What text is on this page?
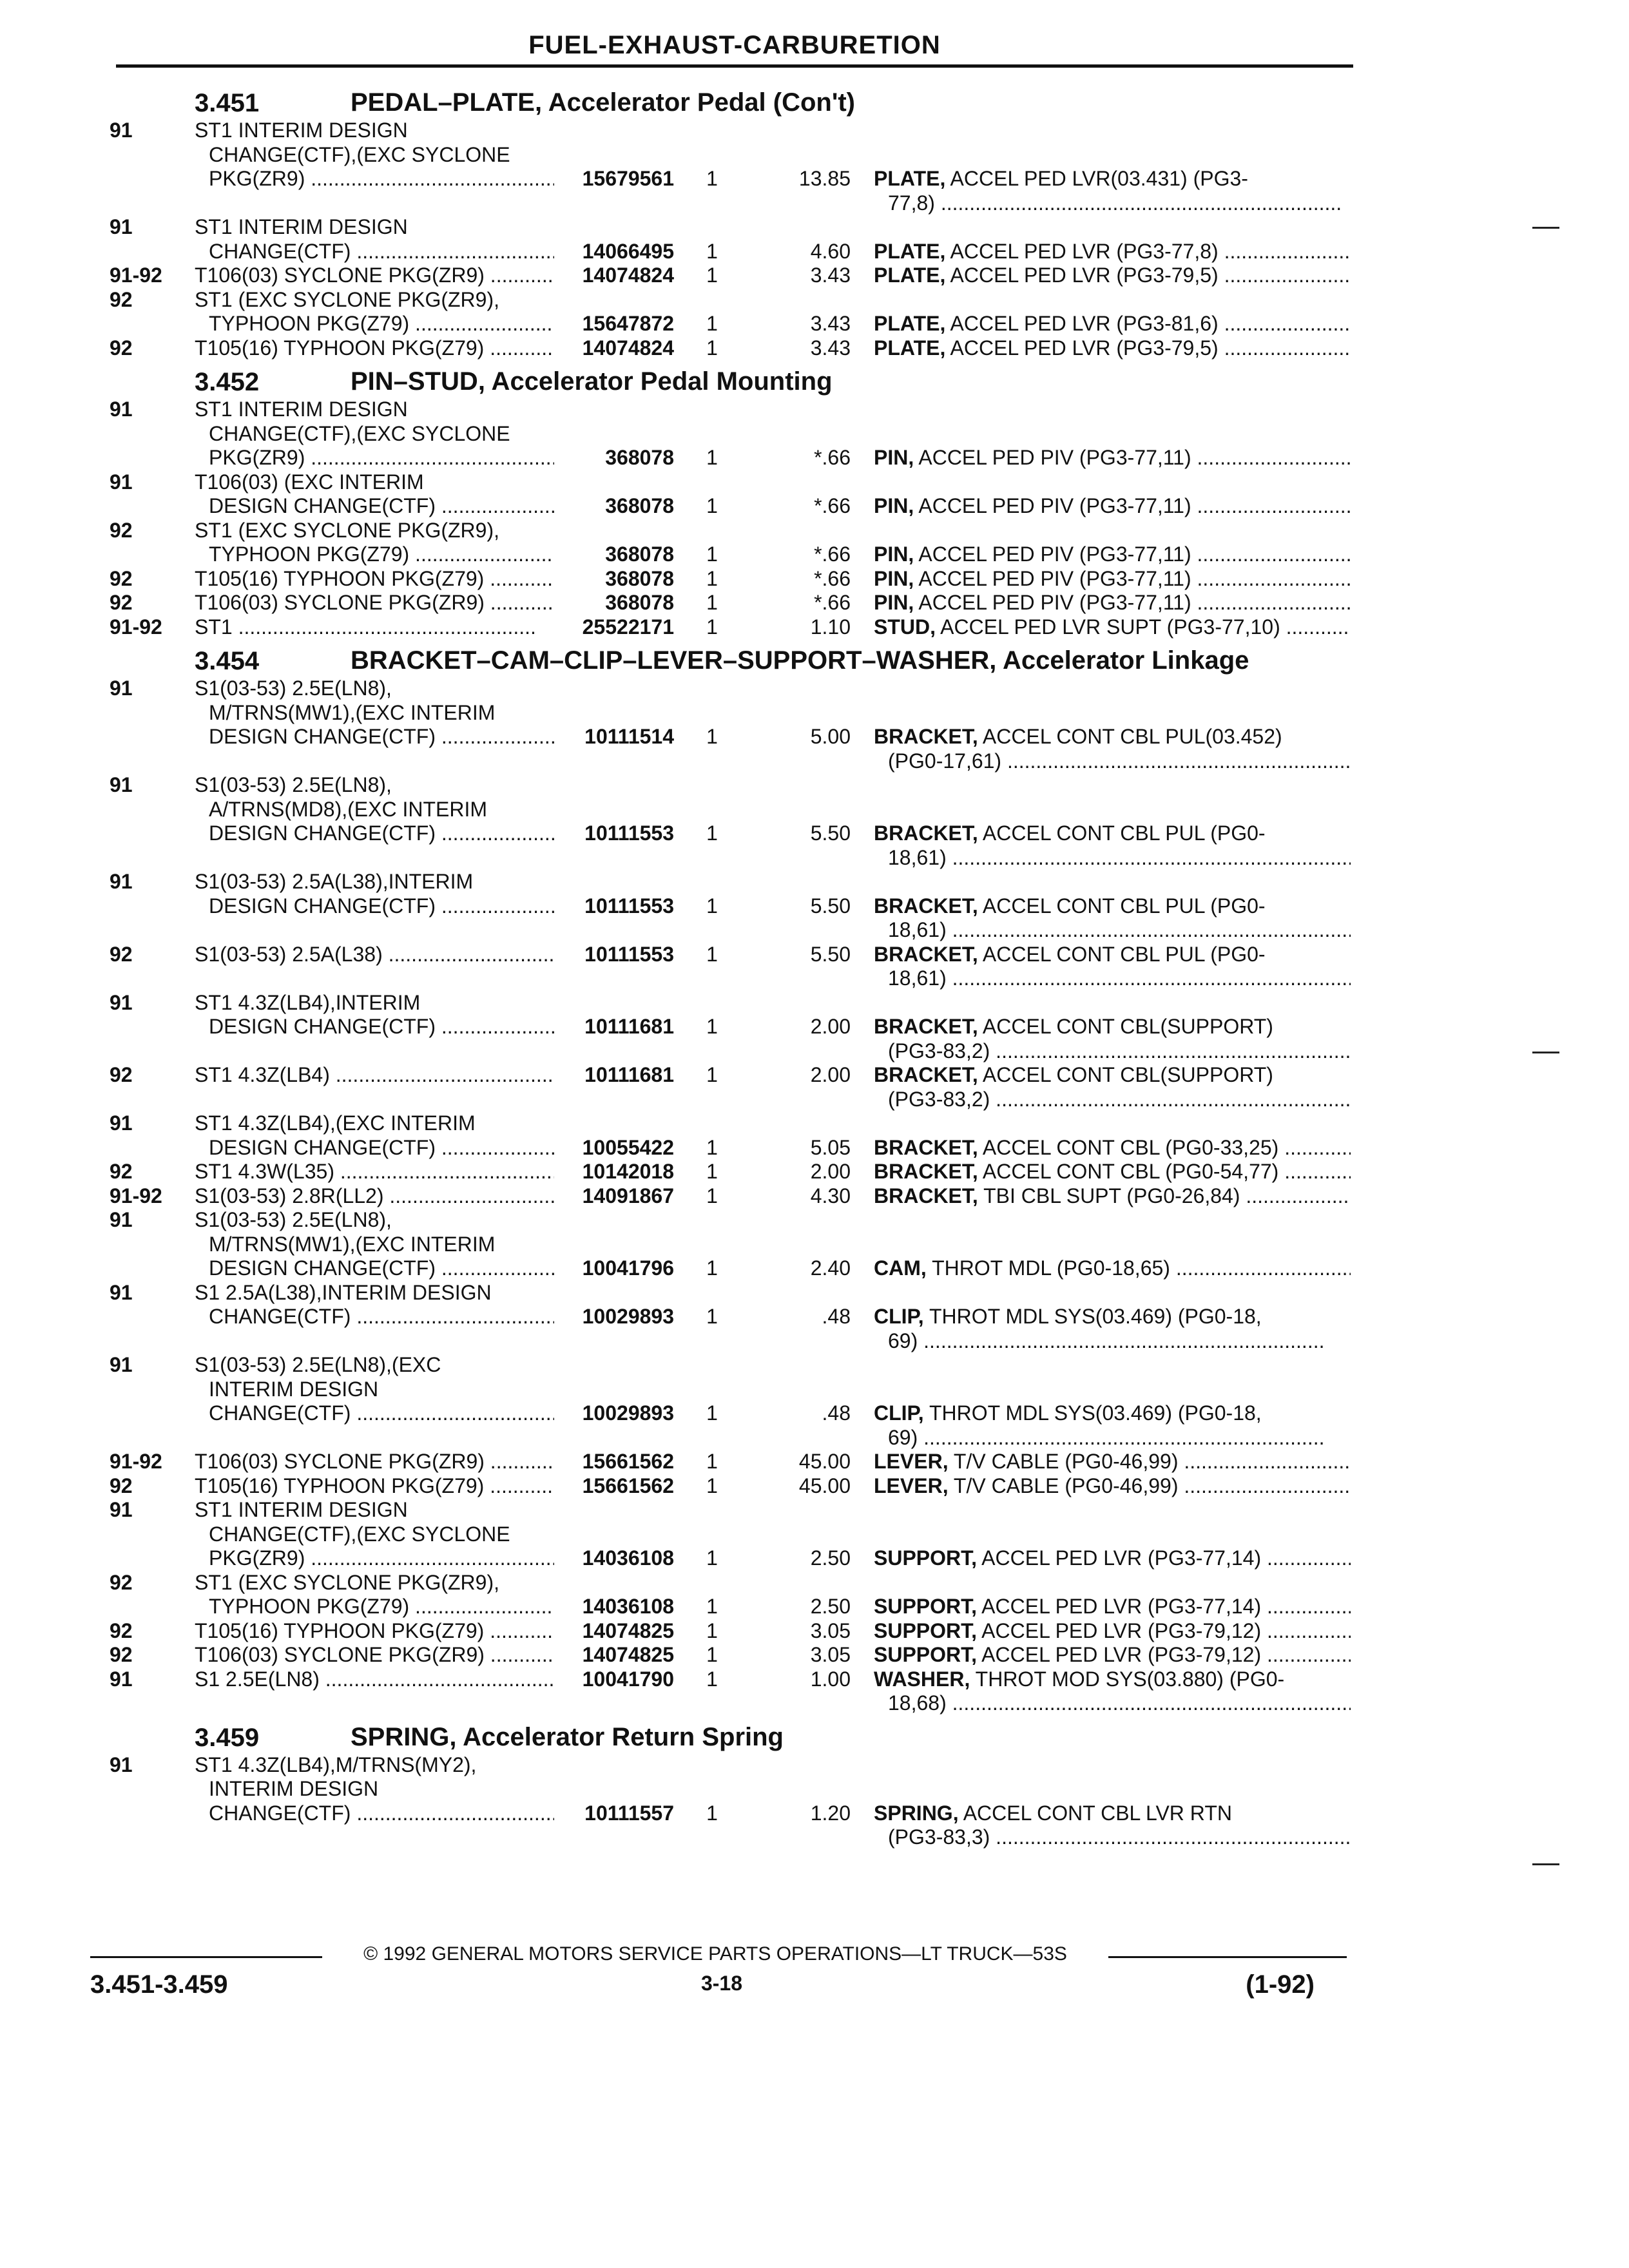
FUEL-EXHAUST-CARBURETION
3.451	PEDAL–PLATE, Accelerator Pedal (Con't)
91	ST1 INTERIM DESIGN
CHANGE(CTF),(EXC SYCLONE
PKG(ZR9) .....	15679561 1	13.85 PLATE, ACCEL PED LVR(03.431) (PG3-
77,8) .....
91	ST1 INTERIM DESIGN
CHANGE(CTF) .....	14066495 1	4.60 PLATE, ACCEL PED LVR (PG3-77,8) .....
91-92	T106(03) SYCLONE PKG(ZR9) .....	14074824 1	3.43 PLATE, ACCEL PED LVR (PG3-79,5) .....
92	ST1 (EXC SYCLONE PKG(ZR9),
TYPHOON PKG(Z79) .....	15647872 1	3.43 PLATE, ACCEL PED LVR (PG3-81,6) .....
92	T105(16) TYPHOON PKG(Z79) .....	14074824 1	3.43 PLATE, ACCEL PED LVR (PG3-79,5) .....
3.452	PIN–STUD, Accelerator Pedal Mounting
91	ST1 INTERIM DESIGN
CHANGE(CTF),(EXC SYCLONE
PKG(ZR9) .....	368078 1	*.66 PIN, ACCEL PED PIV (PG3-77,11) .....
91	T106(03) (EXC INTERIM
DESIGN CHANGE(CTF) .....	368078 1	*.66 PIN, ACCEL PED PIV (PG3-77,11) .....
92	ST1 (EXC SYCLONE PKG(ZR9),
TYPHOON PKG(Z79) .....	368078 1	*.66 PIN, ACCEL PED PIV (PG3-77,11) .....
92	T105(16) TYPHOON PKG(Z79) .....	368078 1	*.66 PIN, ACCEL PED PIV (PG3-77,11) .....
92	T106(03) SYCLONE PKG(ZR9) .....	368078 1	*.66 PIN, ACCEL PED PIV (PG3-77,11) .....
91-92	ST1 .....	25522171 1	1.10 STUD, ACCEL PED LVR SUPT (PG3-77,10) .....
3.454	BRACKET–CAM–CLIP–LEVER–SUPPORT–WASHER, Accelerator Linkage
91	S1(03-53) 2.5E(LN8),
M/TRNS(MW1),(EXC INTERIM
DESIGN CHANGE(CTF) .....	10111514 1	5.00 BRACKET, ACCEL CONT CBL PUL(03.452)
(PG0-17,61) .....
91	S1(03-53) 2.5E(LN8),
A/TRNS(MD8),(EXC INTERIM
DESIGN CHANGE(CTF) .....	10111553 1	5.50 BRACKET, ACCEL CONT CBL PUL (PG0-
18,61) .....
91	S1(03-53) 2.5A(L38),INTERIM
DESIGN CHANGE(CTF) .....	10111553 1	5.50 BRACKET, ACCEL CONT CBL PUL (PG0-
18,61) .....
92	S1(03-53) 2.5A(L38) .....	10111553 1	5.50 BRACKET, ACCEL CONT CBL PUL (PG0-
18,61) .....
91	ST1 4.3Z(LB4),INTERIM
DESIGN CHANGE(CTF) .....	10111681 1	2.00 BRACKET, ACCEL CONT CBL(SUPPORT)
(PG3-83,2) .....
92	ST1 4.3Z(LB4) .....	10111681 1	2.00 BRACKET, ACCEL CONT CBL(SUPPORT)
(PG3-83,2) .....
91	ST1 4.3Z(LB4),(EXC INTERIM
DESIGN CHANGE(CTF) .....	10055422 1	5.05 BRACKET, ACCEL CONT CBL (PG0-33,25) .....
92	ST1 4.3W(L35) .....	10142018 1	2.00 BRACKET, ACCEL CONT CBL (PG0-54,77) .....
91-92	S1(03-53) 2.8R(LL2) .....	14091867 1	4.30 BRACKET, TBI CBL SUPT (PG0-26,84) .....
91	S1(03-53) 2.5E(LN8),
M/TRNS(MW1),(EXC INTERIM
DESIGN CHANGE(CTF) .....	10041796 1	2.40 CAM, THROT MDL (PG0-18,65) .....
91	S1 2.5A(L38),INTERIM DESIGN
CHANGE(CTF) .....	10029893 1	.48 CLIP, THROT MDL SYS(03.469) (PG0-18,
69) .....
91	S1(03-53) 2.5E(LN8),(EXC
INTERIM DESIGN
CHANGE(CTF) .....	10029893 1	.48 CLIP, THROT MDL SYS(03.469) (PG0-18,
69) .....
91-92	T106(03) SYCLONE PKG(ZR9) .....	15661562 1	45.00 LEVER, T/V CABLE (PG0-46,99) .....
92	T105(16) TYPHOON PKG(Z79) .....	15661562 1	45.00 LEVER, T/V CABLE (PG0-46,99) .....
91	ST1 INTERIM DESIGN
CHANGE(CTF),(EXC SYCLONE
PKG(ZR9) .....	14036108 1	2.50 SUPPORT, ACCEL PED LVR (PG3-77,14) .....
92	ST1 (EXC SYCLONE PKG(ZR9),
TYPHOON PKG(Z79) .....	14036108 1	2.50 SUPPORT, ACCEL PED LVR (PG3-77,14) .....
92	T105(16) TYPHOON PKG(Z79) .....	14074825 1	3.05 SUPPORT, ACCEL PED LVR (PG3-79,12) .....
92	T106(03) SYCLONE PKG(ZR9) .....	14074825 1	3.05 SUPPORT, ACCEL PED LVR (PG3-79,12) .....
91	S1 2.5E(LN8) .....	10041790 1	1.00 WASHER, THROT MOD SYS(03.880) (PG0-
18,68) .....
3.459	SPRING, Accelerator Return Spring
91	ST1 4.3Z(LB4),M/TRNS(MY2),
INTERIM DESIGN
CHANGE(CTF) .....	10111557 1	1.20 SPRING, ACCEL CONT CBL LVR RTN
(PG3-83,3) .....
© 1992 GENERAL MOTORS SERVICE PARTS OPERATIONS—LT TRUCK—53S
3.451-3.459	3-18	(1-92)
